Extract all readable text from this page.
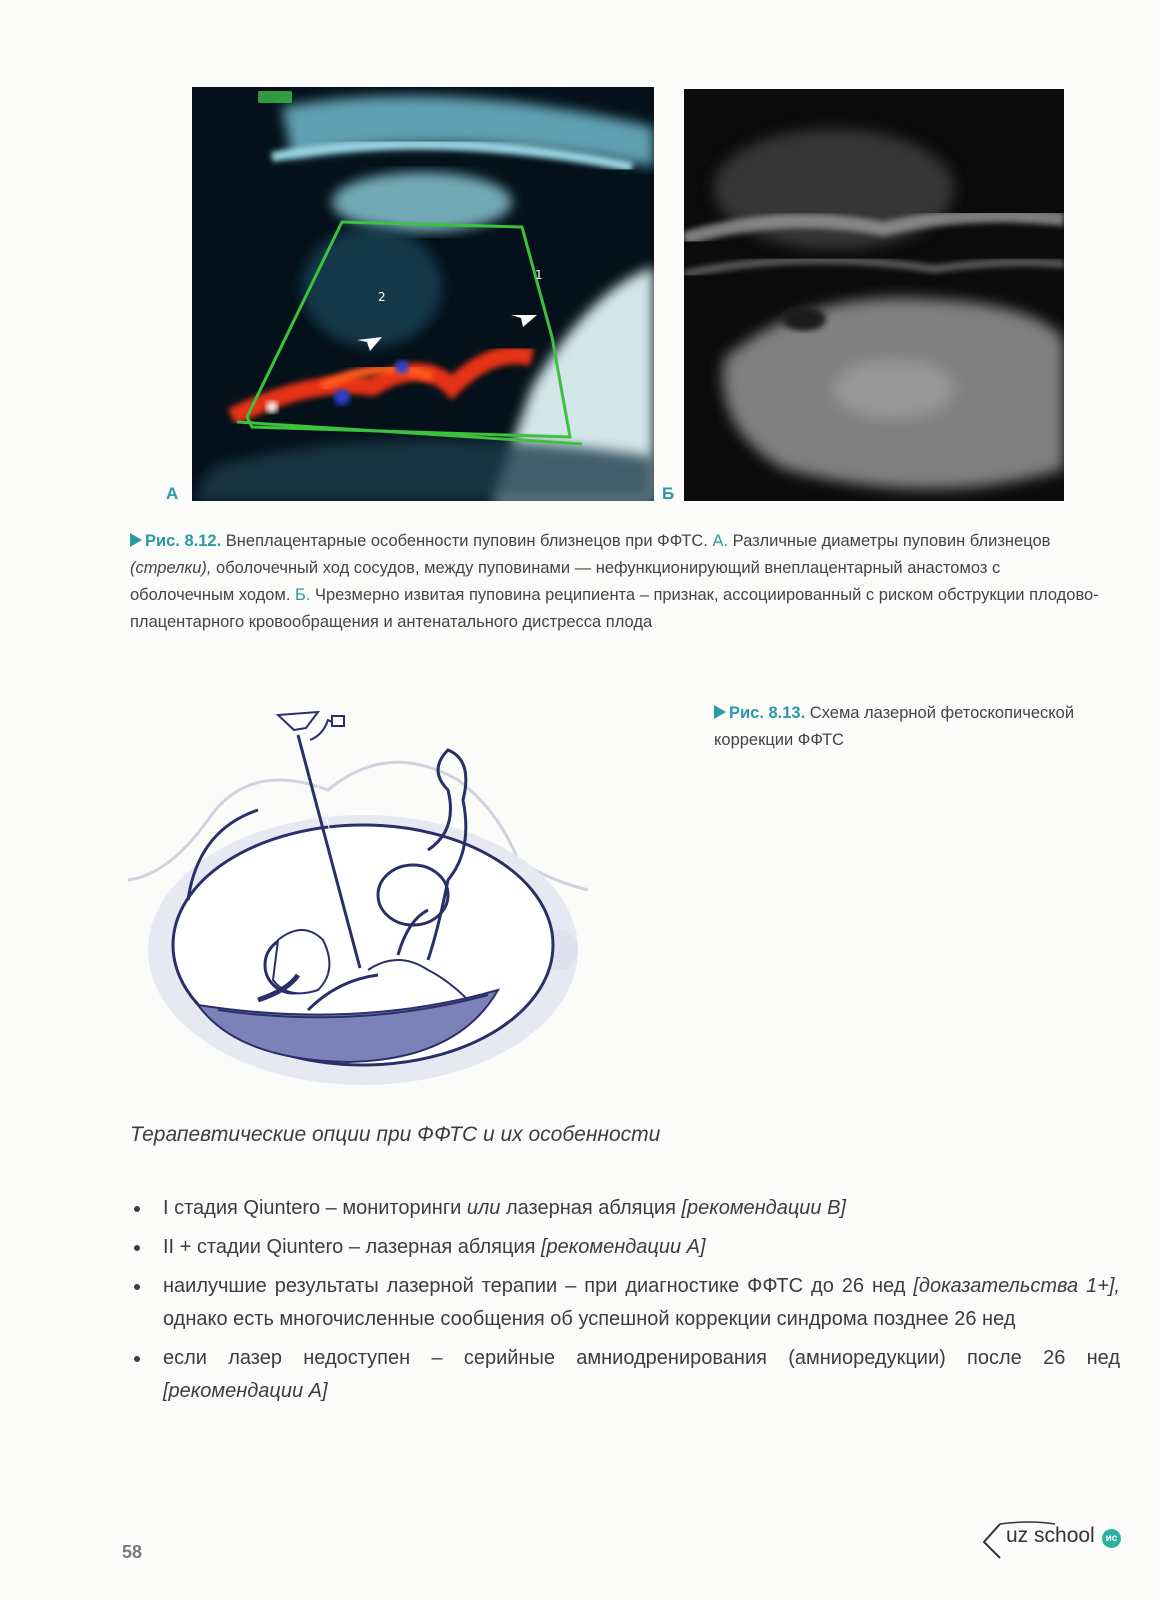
2
1
А	Б
Рис. 8.12. Внеплацентарные особенности пуповин близнецов при ФФТС. А. Различные диаметры пуповин близнецов (стрелки), оболочечный ход сосудов, между пуповинами — нефункционирующий внеплацентарный анастомоз с оболочечным ходом. Б. Чрезмерно извитая пуповина реципиента – признак, ассоциированный с риском обструкции плодово-плацентарного кровообращения и антенатального дистресса плода
Рис. 8.13. Схема лазерной фетоскопической коррекции ФФТС
Терапевтические опции при ФФТС и их особенности
I стадия Qiuntero – мониторинги или лазерная абляция [рекомендации B]
II + стадии Qiuntero – лазерная абляция [рекомендации A]
наилучшие результаты лазерной терапии – при диагностике ФФТС до 26 нед [доказательства 1+], однако есть многочисленные сообщения об успешной коррекции синдрома позднее 26 нед
если лазер недоступен – серийные амниодренирования (амниоредукции) после 26 нед [рекомендации A]
58
uz school	ис
